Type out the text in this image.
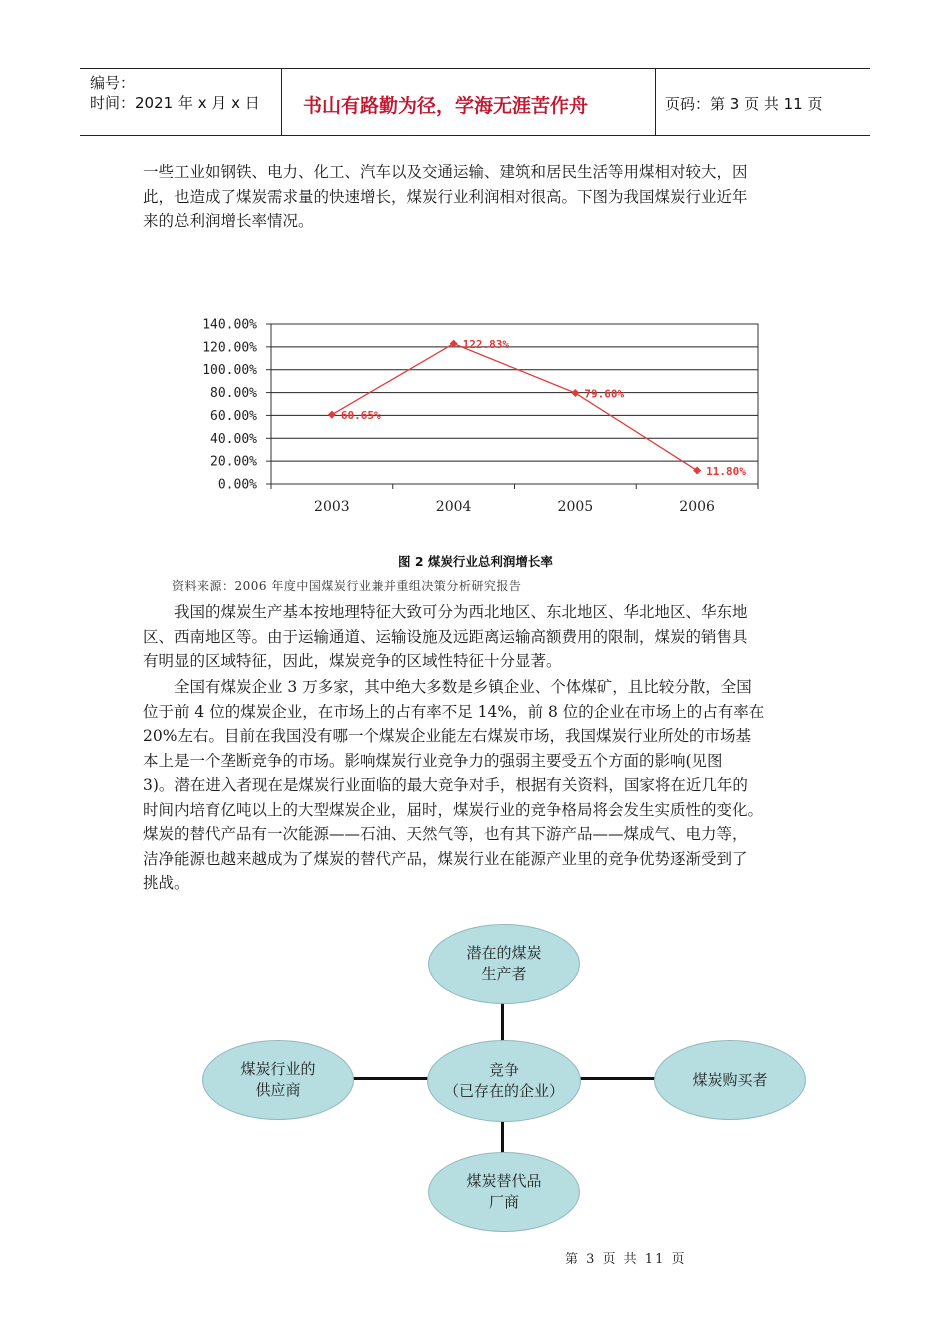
编号：
时间：2021 年 x 月 x 日 书山有路勤为径，学海无涯苦作舟	页码：第 3 页 共 11 页
一些工业如钢铁、电力、化工、汽车以及交通运输、建筑和居民生活等用煤相对较大，因
此，也造成了煤炭需求量的快速增长，煤炭行业利润相对很高。下图为我国煤炭行业近年
来的总利润增长率情况。
0.00%
20.00%
40.00%
60.00%
80.00%
100.00%
120.00%
140.00%
2003	2004	2005	2006
60.65%
122.83%
79.60%
11.80%
图 2 煤炭行业总利润增长率
资料来源：2006 年度中国煤炭行业兼并重组决策分析研究报告
　　我国的煤炭生产基本按地理特征大致可分为西北地区、东北地区、华北地区、华东地
区、西南地区等。由于运输通道、运输设施及远距离运输高额费用的限制，煤炭的销售具
有明显的区域特征，因此，煤炭竞争的区域性特征十分显著。
　　全国有煤炭企业 3 万多家，其中绝大多数是乡镇企业、个体煤矿，且比较分散，全国
位于前 4 位的煤炭企业，在市场上的占有率不足 14%，前 8 位的企业在市场上的占有率在
20%左右。目前在我国没有哪一个煤炭企业能左右煤炭市场，我国煤炭行业所处的市场基
本上是一个垄断竞争的市场。影响煤炭行业竞争力的强弱主要受五个方面的影响(见图
3)。潜在进入者现在是煤炭行业面临的最大竞争对手，根据有关资料，国家将在近几年的
时间内培育亿吨以上的大型煤炭企业，届时，煤炭行业的竞争格局将会发生实质性的变化。
煤炭的替代产品有一次能源——石油、天然气等，也有其下游产品——煤成气、电力等，
洁净能源也越来越成为了煤炭的替代产品，煤炭行业在能源产业里的竞争优势逐渐受到了
挑战。
潜在的煤炭
生产者
煤炭行业的
供应商
竞争
（已存在的企业）
煤炭购买者
煤炭替代品
厂商
第 3 页 共 11 页
